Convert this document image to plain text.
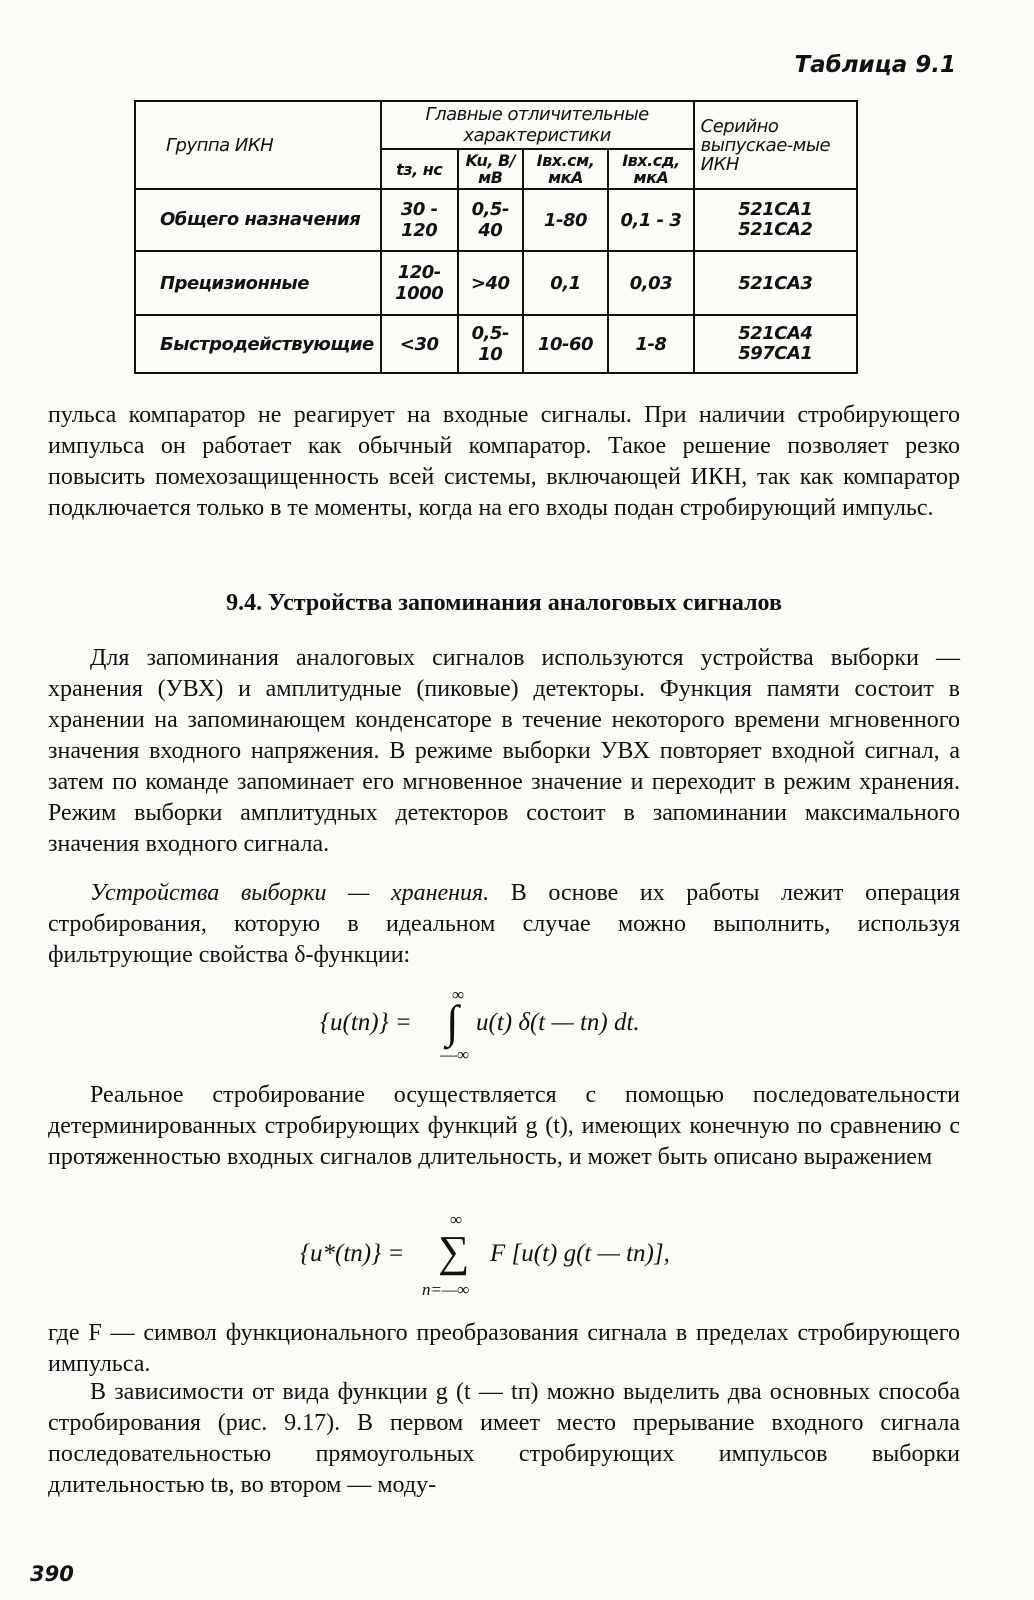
Таблица 9.1
Группа ИКН	Главные отличительные характеристики				Серийно выпускае-мые ИКН
	tз, нс	Ku, В/мВ	Iвх.см, мкА	Iвх.сд, мкА	
Общего назначения	30 - 120	0,5-40	1-80	0,1 - 3	521CA1 521CA2
Прецизионные	120-1000	>40	0,1	0,03	521CA3
Быстродействующие	<30	0,5-10	10-60	1-8	521CA4 597CA1

пульса компаратор не реагирует на входные сигналы. При наличии стробирующего импульса он работает как обычный компаратор. Такое решение позволяет резко повысить помехозащищенность всей системы, включающей ИКН, так как компаратор подключается только в те моменты, когда на его входы подан стробирующий импульс.

9.4. Устройства запоминания аналоговых сигналов

Для запоминания аналоговых сигналов используются устройства выборки — хранения (УВХ) и амплитудные (пиковые) детекторы. Функция памяти состоит в хранении на запоминающем конденсаторе в течение некоторого времени мгновенного значения входного напряжения. В режиме выборки УВХ повторяет входной сигнал, а затем по команде запоминает его мгновенное значение и переходит в режим хранения. Режим выборки амплитудных детекторов состоит в запоминании максимального значения входного сигнала.

Устройства выборки — хранения. В основе их работы лежит операция стробирования, которую в идеальном случае можно выполнить, используя фильтрующие свойства δ-функции:

∞
{u(tп)} = ∫ u(t) δ(t — tп) dt.
—∞

Реальное стробирование осуществляется с помощью последовательности детерминированных стробирующих функций g (t), имеющих конечную по сравнению с протяженностью входных сигналов длительность, и может быть описано выражением

∞
{u*(tп)} = ∑ F [u(t) g(t — tп)],
n=—∞

где F — символ функционального преобразования сигнала в пределах стробирующего импульса.

В зависимости от вида функции g (t — tп) можно выделить два основных способа стробирования (рис. 9.17). В первом имеет место прерывание входного сигнала последовательностью прямоугольных стробирующих импульсов выборки длительностью tв, во втором — моду-

390
